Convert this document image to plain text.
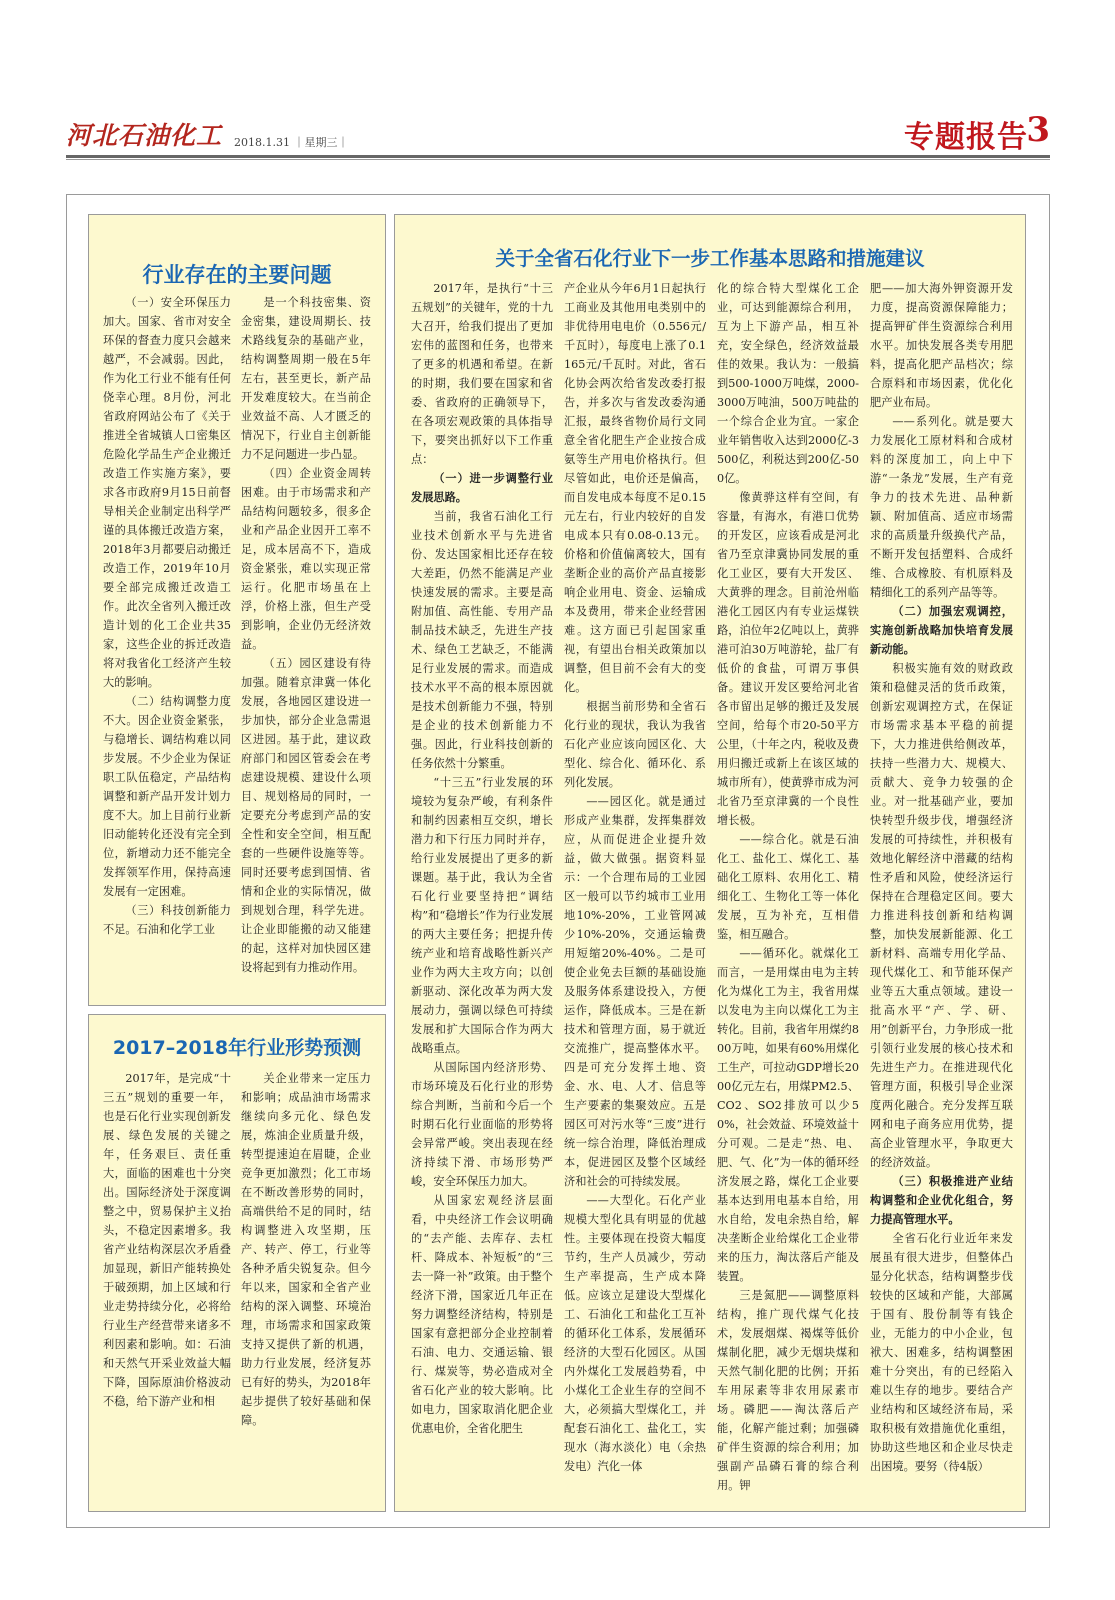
河北石油化工 2018.1.31 ｜星期三｜	专题报告
3
行业存在的主要问题

（一）安全环保压力加大。国家、省市对安全环保的督查力度只会越来越严，不会减弱。因此，作为化工行业不能有任何侥幸心理。8月份，河北省政府网站公布了《关于推进全省城镇人口密集区危险化学品生产企业搬迁改造工作实施方案》，要求各市政府9月15日前督导相关企业制定出科学严谨的具体搬迁改造方案，2018年3月都要启动搬迁改造工作，2019年10月要全部完成搬迁改造工作。此次全省列入搬迁改造计划的化工企业共35家，这些企业的拆迁改造将对我省化工经济产生较大的影响。

（二）结构调整力度不大。因企业资金紧张，与稳增长、调结构难以同步发展。不少企业为保证职工队伍稳定，产品结构调整和新产品开发计划力度不大。加上目前行业新旧动能转化还没有完全到位，新增动力还不能完全发挥领军作用，保持高速发展有一定困难。

（三）科技创新能力不足。石油和化学工业

是一个科技密集、资金密集，建设周期长、技术路线复杂的基础产业，结构调整周期一般在5年左右，甚至更长，新产品开发难度较大。在当前企业效益不高、人才匮乏的情况下，行业自主创新能力不足问题进一步凸显。

（四）企业资金周转困难。由于市场需求和产品结构问题较多，很多企业和产品企业因开工率不足，成本居高不下，造成资金紧张，难以实现正常运行。化肥市场虽在上浮，价格上涨，但生产受到影响，企业仍无经济效益。

（五）园区建设有待加强。随着京津冀一体化发展，各地园区建设进一步加快，部分企业急需退区进园。基于此，建议政府部门和园区管委会在考虑建设规模、建设什么项目、规划格局的同时，一定要充分考虑到产品的安全性和安全空间，相互配套的一些硬件设施等等。同时还要考虑到国情、省情和企业的实际情况，做到规划合理，科学先进。让企业即能搬的动又能建的起，这样对加快园区建设将起到有力推动作用。

2017–2018年行业形势预测

2017年，是完成“十三五”规划的重要一年，也是石化行业实现创新发展、绿色发展的关键之年，任务艰巨、责任重大，面临的困难也十分突出。国际经济处于深度调整之中，贸易保护主义抬头，不稳定因素增多。我省产业结构深层次矛盾叠加显现，新旧产能转换处于破颈期，加上区域和行业走势持续分化，必将给行业生产经营带来诸多不利因素和影响。如：石油和天然气开采业效益大幅下降，国际原油价格波动不稳，给下游产业和相

关企业带来一定压力和影响；成品油市场需求继续向多元化、绿色发展，炼油企业质量升级，转型提速迫在眉睫，企业竞争更加激烈；化工市场在不断改善形势的同时，高端供给不足的同时，结构调整进入攻坚期，压产、转产、停工，行业等各种矛盾尖锐复杂。但今年以来，国家和全省产业结构的深入调整、环境治理，市场需求和国家政策支持又提供了新的机遇，助力行业发展，经济复苏已有好的势头，为2018年起步提供了较好基础和保障。

关于全省石化行业下一步工作基本思路和措施建议

2017年，是执行“十三五规划”的关键年，党的十九大召开，给我们提出了更加宏伟的蓝图和任务，也带来了更多的机遇和希望。在新的时期，我们要在国家和省委、省政府的正确领导下，在各项宏观政策的具体指导下，要突出抓好以下工作重点：

（一）进一步调整行业发展思路。

当前，我省石油化工行业技术创新水平与先进省份、发达国家相比还存在较大差距，仍然不能满足产业快速发展的需求。主要是高附加值、高性能、专用产品制品技术缺乏，先进生产技术、绿色工艺缺乏，不能满足行业发展的需求。而造成技术水平不高的根本原因就是技术创新能力不强，特别是企业的技术创新能力不强。因此，行业科技创新的任务依然十分繁重。

“十三五”行业发展的环境较为复杂严峻，有利条件和制约因素相互交织，增长潜力和下行压力同时并存，给行业发展提出了更多的新课题。基于此，我认为全省石化行业要坚持把“调结构”和“稳增长”作为行业发展的两大主要任务；把提升传统产业和培育战略性新兴产业作为两大主攻方向；以创新驱动、深化改革为两大发展动力，强调以绿色可持续发展和扩大国际合作为两大战略重点。

从国际国内经济形势、市场环境及石化行业的形势综合判断，当前和今后一个时期石化行业面临的形势将会异常严峻。突出表现在经济持续下滑、市场形势严峻，安全环保压力加大。

从国家宏观经济层面看，中央经济工作会议明确的“去产能、去库存、去杠杆、降成本、补短板”的“三去一降一补”政策。由于整个经济下滑，国家近几年正在努力调整经济结构，特别是国家有意把部分企业控制着石油、电力、交通运输、银行、煤炭等，势必造成对全省石化产业的较大影响。比如电力，国家取消化肥企业优惠电价，全省化肥生

产企业从今年6月1日起执行工商业及其他用电类别中的非优待用电电价（0.556元/千瓦时），每度电上涨了0.1165元/千瓦时。对此，省石化协会两次给省发改委打报告，并多次与省发改委沟通汇报，最终省物价局行文同意全省化肥生产企业按合成氨等生产用电价格执行。但尽管如此，电价还是偏高，而自发电成本每度不足0.15元左右，行业内较好的自发电成本只有0.08-0.13元。价格和价值偏离较大，国有垄断企业的高价产品直接影响企业用电、资金、运输成本及费用，带来企业经营困难。这方面已引起国家重视，有望出台相关政策加以调整，但目前不会有大的变化。

根据当前形势和全省石化行业的现状，我认为我省石化产业应该向园区化、大型化、综合化、循环化、系列化发展。

——园区化。就是通过形成产业集群，发挥集群效应，从而促进企业提升效益，做大做强。据资料显示：一个合理布局的工业园区一般可以节约城市工业用地10%-20%，工业管网减少10%-20%，交通运输费用短缩20%-40%。二是可使企业免去巨额的基础设施及服务体系建设投入，方便运作，降低成本。三是在新技术和管理方面，易于就近交流推广，提高整体水平。四是可充分发挥土地、资金、水、电、人才、信息等生产要素的集聚效应。五是园区可对污水等“三废”进行统一综合治理，降低治理成本，促进园区及整个区域经济和社会的可持续发展。

——大型化。石化产业规模大型化具有明显的优越性。主要体现在投资大幅度节约，生产人员减少，劳动生产率提高，生产成本降低。应该立足建设大型煤化工、石油化工和盐化工互补的循环化工体系，发展循环经济的大型石化园区。从国内外煤化工发展趋势看，中小煤化工企业生存的空间不大，必须搞大型煤化工，并配套石油化工、盐化工，实现水（海水淡化）电（余热发电）汽化一体

化的综合特大型煤化工企业，可达到能源综合利用，互为上下游产品，相互补充，安全绿色，经济效益最佳的效果。我认为：一般搞到500-1000万吨煤，2000-3000万吨油，500万吨盐的一个综合企业为宜。一家企业年销售收入达到2000亿-3500亿，利税达到200亿-500亿。

像黄骅这样有空间，有容量，有海水，有港口优势的开发区，应该看成是河北省乃至京津冀协同发展的重化工业区，要有大开发区、大黄骅的理念。目前沧州临港化工园区内有专业运煤铁路，泊位年2亿吨以上，黄骅港可泊30万吨游轮，盐厂有低价的食盐，可谓万事俱备。建议开发区要给河北省各市留出足够的搬迁及发展空间，给每个市20-50平方公里，（十年之内，税收及费用归搬迁或新上在该区域的城市所有），使黄骅市成为河北省乃至京津冀的一个良性增长极。

——综合化。就是石油化工、盐化工、煤化工、基础化工原料、农用化工、精细化工、生物化工等一体化发展，互为补充，互相借鉴，相互融合。

——循环化。就煤化工而言，一是用煤由电为主转化为煤化工为主，我省用煤以发电为主向以煤化工为主转化。目前，我省年用煤约800万吨，如果有60%用煤化工生产，可拉动GDP增长2000亿元左右，用煤PM2.5、CO2、SO2排放可以少50%，社会效益、环境效益十分可观。二是走“热、电、肥、气、化”为一体的循环经济发展之路，煤化工企业要基本达到用电基本自给，用水自给，发电余热自给，解决垄断企业给煤化工企业带来的压力，淘汰落后产能及装置。

三是氮肥——调整原料结构，推广现代煤气化技术，发展烟煤、褐煤等低价煤制化肥，减少无烟块煤和天然气制化肥的比例；开拓车用尿素等非农用尿素市场。磷肥——淘汰落后产能，化解产能过剩；加强磷矿伴生资源的综合利用；加强副产品磷石膏的综合利用。钾

肥——加大海外钾资源开发力度，提高资源保障能力；提高钾矿伴生资源综合利用水平。加快发展各类专用肥料，提高化肥产品档次；综合原料和市场因素，优化化肥产业布局。

——系列化。就是要大力发展化工原材料和合成材料的深度加工，向上中下游“一条龙”发展，生产有竞争力的技术先进、品种新颖、附加值高、适应市场需求的高质量升级换代产品，不断开发包括塑料、合成纤维、合成橡胶、有机原料及精细化工的系列产品等等。

（二）加强宏观调控，实施创新战略加快培育发展新动能。

积极实施有效的财政政策和稳健灵活的货币政策，创新宏观调控方式，在保证市场需求基本平稳的前提下，大力推进供给侧改革，扶持一些潜力大、规模大、贡献大、竞争力较强的企业。对一批基础产业，要加快转型升级步伐，增强经济发展的可持续性，并积极有效地化解经济中潜藏的结构性矛盾和风险，使经济运行保持在合理稳定区间。要大力推进科技创新和结构调整，加快发展新能源、化工新材料、高端专用化学品、现代煤化工、和节能环保产业等五大重点领域。建设一批高水平“产、学、研、用”创新平台，力争形成一批引领行业发展的核心技术和先进生产力。在推进现代化管理方面，积极引导企业深度两化融合。充分发挥互联网和电子商务应用优势，提高企业管理水平，争取更大的经济效益。

（三）积极推进产业结构调整和企业优化组合，努力提高管理水平。

全省石化行业近年来发展虽有很大进步，但整体凸显分化状态，结构调整步伐较快的区域和产能，大部属于国有、股份制等有钱企业，无能力的中小企业，包袱大、困难多，结构调整困难十分突出，有的已经陷入难以生存的地步。要结合产业结构和区域经济布局，采取积极有效措施优化重组，协助这些地区和企业尽快走出困境。要努（待4版）
